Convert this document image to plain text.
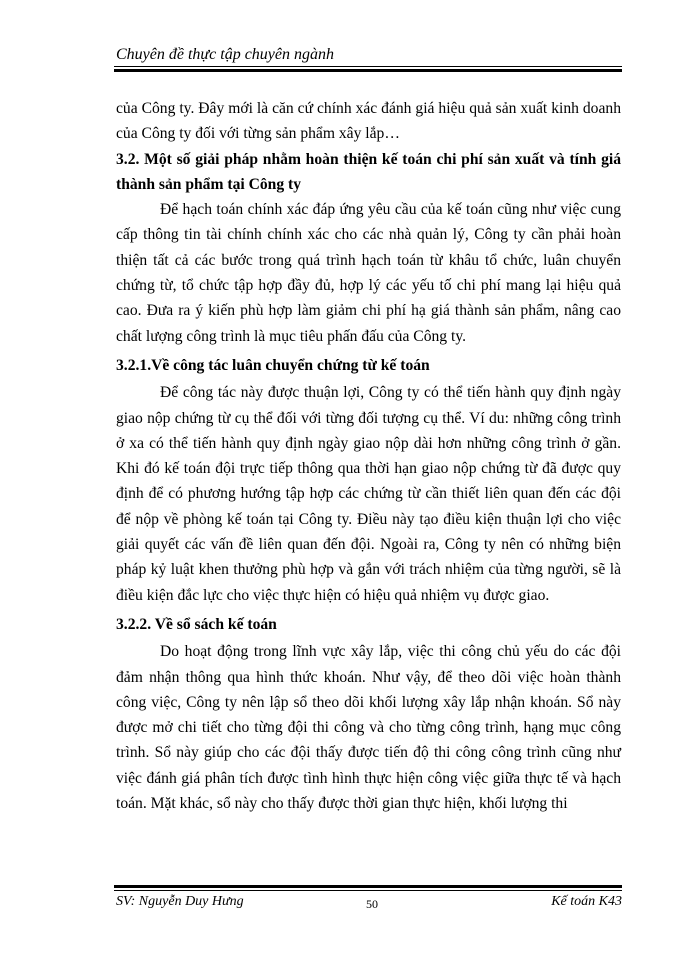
Chuyên đề thực tập chuyên ngành

của Công ty. Đây mới là căn cứ chính xác đánh giá hiệu quả sản xuất kinh doanh của Công ty đối với từng sản phẩm xây lắp…

3.2. Một số giải pháp nhằm hoàn thiện kế toán chi phí sản xuất và tính giá thành sản phẩm tại Công ty

Để hạch toán chính xác đáp ứng yêu cầu của kế toán cũng như việc cung cấp thông tin tài chính chính xác cho các nhà quản lý, Công ty cần phải hoàn thiện tất cả các bước trong quá trình hạch toán từ khâu tổ chức, luân chuyển chứng từ, tổ chức tập hợp đầy đủ, hợp lý các yếu tố chi phí mang lại hiệu quả cao. Đưa ra ý kiến phù hợp làm giảm chi phí hạ giá thành sản phẩm, nâng cao chất lượng công trình là mục tiêu phấn đấu của Công ty.

3.2.1.Về công tác luân chuyển chứng từ kế toán

Để công tác này được thuận lợi, Công ty có thể tiến hành quy định ngày giao nộp chứng từ cụ thể đối với từng đối tượng cụ thể. Ví du: những công trình ở xa có thể tiến hành quy định ngày giao nộp dài hơn những công trình ở gần. Khi đó kế toán đội trực tiếp thông qua thời hạn giao nộp chứng từ đã được quy định để có phương hướng tập hợp các chứng từ cần thiết liên quan đến các đội để nộp về phòng kế toán tại Công ty. Điều này tạo điều kiện thuận lợi cho việc giải quyết các vấn đề liên quan đến đội. Ngoài ra, Công ty nên có những biện pháp kỷ luật khen thưởng phù hợp và gắn với trách nhiệm của từng người, sẽ là điều kiện đắc lực cho việc thực hiện có hiệu quả nhiệm vụ được giao.

3.2.2. Về sổ sách kế toán

Do hoạt động trong lĩnh vực xây lắp, việc thi công chủ yếu do các đội đảm nhận thông qua hình thức khoán. Như vậy, để theo dõi việc hoàn thành công việc, Công ty nên lập sổ theo dõi khối lượng xây lắp nhận khoán. Sổ này được mở chi tiết cho từng đội thi công và cho từng công trình, hạng mục công trình. Sổ này giúp cho các đội thấy được tiến độ thi công công trình cũng như việc đánh giá phân tích được tình hình thực hiện công việc giữa thực tế và hạch toán. Mặt khác, sổ này cho thấy được thời gian thực hiện, khối lượng thi

SV: Nguyễn Duy Hưng	50	Kế toán K43
